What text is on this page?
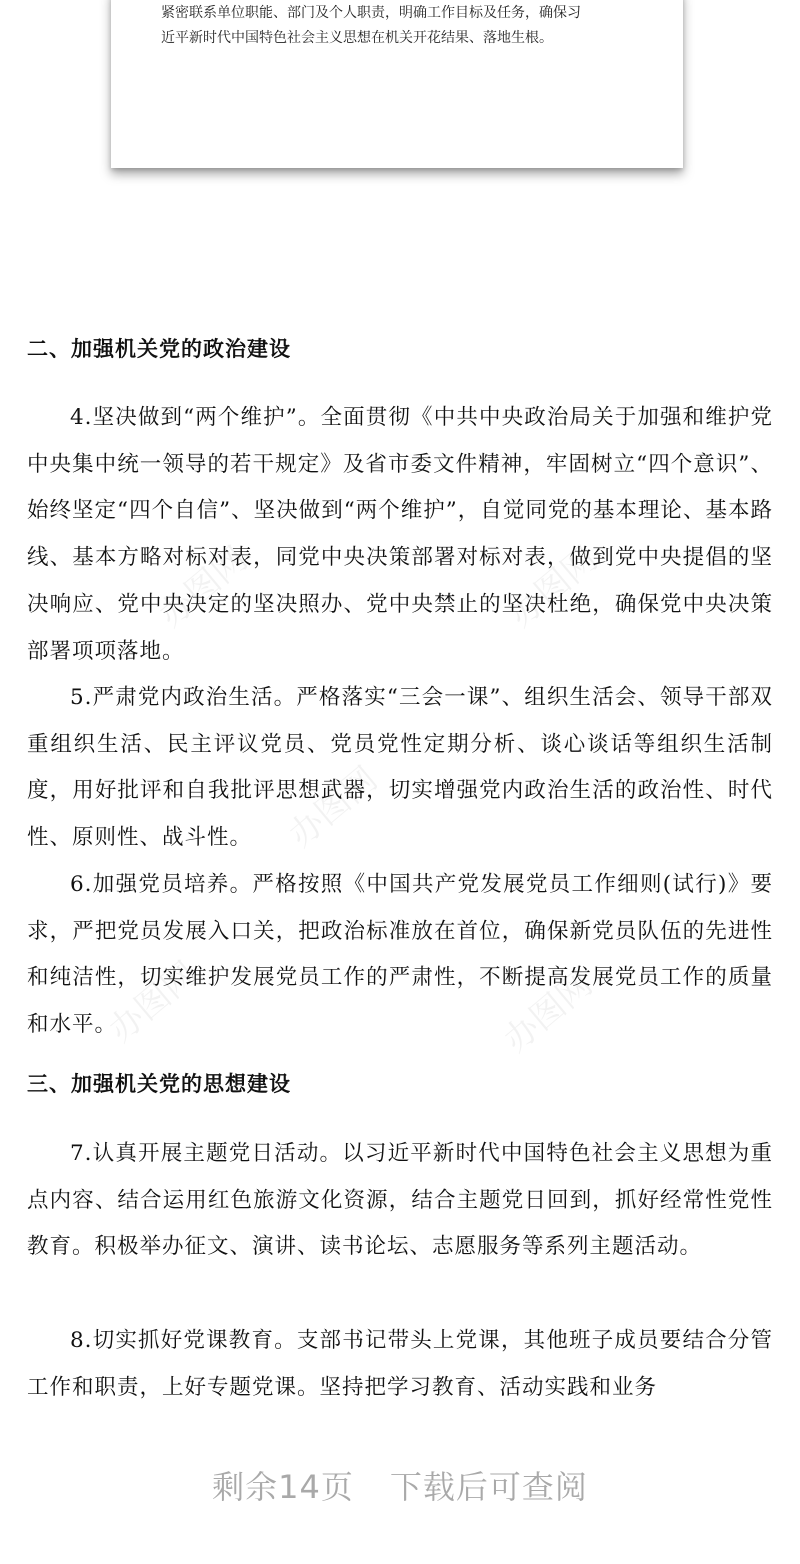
紧密联系单位职能、部门及个人职责，明确工作目标及任务，确保习

近平新时代中国特色社会主义思想在机关开花结果、落地生根。

办图网	办图网
办图网
办图网	办图网
二、加强机关党的政治建设

4.坚决做到“两个维护”。全面贯彻《中共中央政治局关于加强和维护党中央集中统一领导的若干规定》及省市委文件精神，牢固树立“四个意识”、始终坚定“四个自信”、坚决做到“两个维护”，自觉同党的基本理论、基本路线、基本方略对标对表，同党中央决策部署对标对表，做到党中央提倡的坚决响应、党中央决定的坚决照办、党中央禁止的坚决杜绝，确保党中央决策部署项项落地。

5.严肃党内政治生活。严格落实“三会一课”、组织生活会、领导干部双重组织生活、民主评议党员、党员党性定期分析、谈心谈话等组织生活制度，用好批评和自我批评思想武器，切实增强党内政治生活的政治性、时代性、原则性、战斗性。

6.加强党员培养。严格按照《中国共产党发展党员工作细则(试行)》要求，严把党员发展入口关，把政治标准放在首位，确保新党员队伍的先进性和纯洁性，切实维护发展党员工作的严肃性，不断提高发展党员工作的质量和水平。

三、加强机关党的思想建设

7.认真开展主题党日活动。以习近平新时代中国特色社会主义思想为重点内容、结合运用红色旅游文化资源，结合主题党日回到，抓好经常性党性教育。积极举办征文、演讲、读书论坛、志愿服务等系列主题活动。

8.切实抓好党课教育。支部书记带头上党课，其他班子成员要结合分管工作和职责，上好专题党课。坚持把学习教育、活动实践和业务

剩余14页 下载后可查阅
